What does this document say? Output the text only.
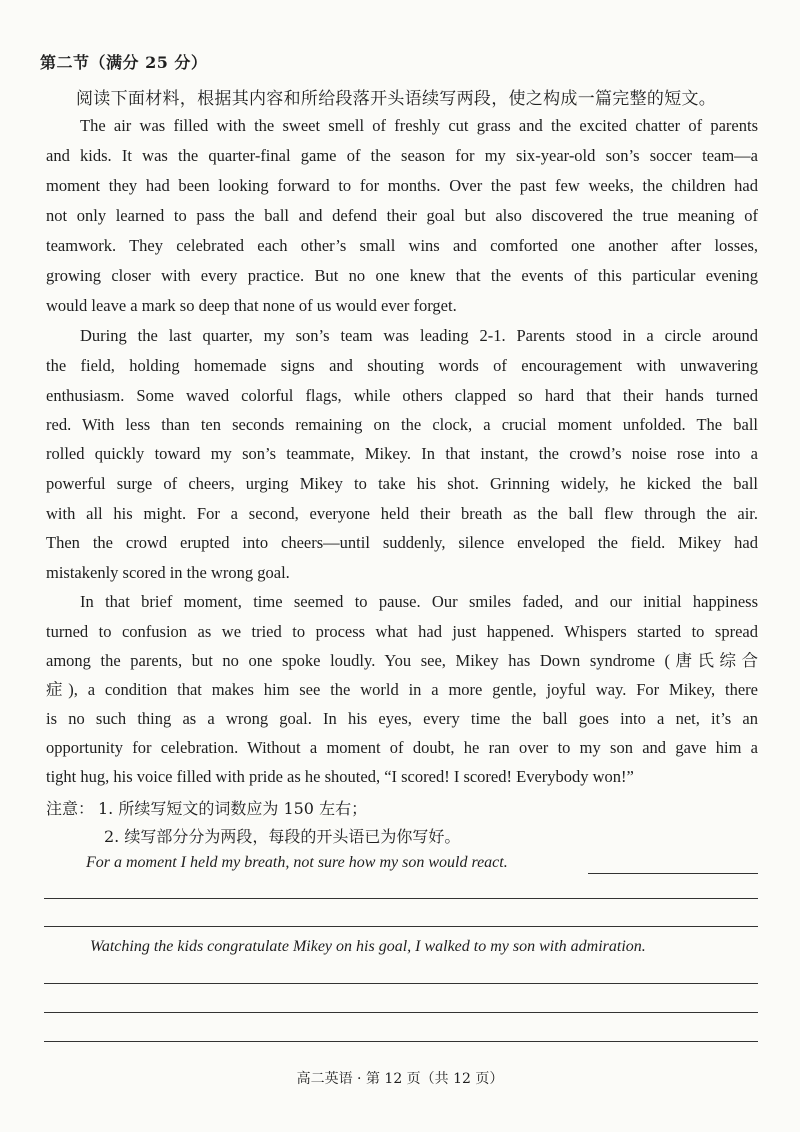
第二节（满分 25 分）
阅读下面材料，根据其内容和所给段落开头语续写两段，使之构成一篇完整的短文。
The air was filled with the sweet smell of freshly cut grass and the excited chatter of parents
and kids. It was the quarter-final game of the season for my six-year-old son’s soccer team—a
moment they had been looking forward to for months. Over the past few weeks, the children had
not only learned to pass the ball and defend their goal but also discovered the true meaning of
teamwork. They celebrated each other’s small wins and comforted one another after losses,
growing closer with every practice. But no one knew that the events of this particular evening
would leave a mark so deep that none of us would ever forget.
During the last quarter, my son’s team was leading 2-1. Parents stood in a circle around
the field, holding homemade signs and shouting words of encouragement with unwavering
enthusiasm. Some waved colorful flags, while others clapped so hard that their hands turned
red. With less than ten seconds remaining on the clock, a crucial moment unfolded. The ball
rolled quickly toward my son’s teammate, Mikey. In that instant, the crowd’s noise rose into a
powerful surge of cheers, urging Mikey to take his shot. Grinning widely, he kicked the ball
with all his might. For a second, everyone held their breath as the ball flew through the air.
Then the crowd erupted into cheers—until suddenly, silence enveloped the field. Mikey had
mistakenly scored in the wrong goal.
In that brief moment, time seemed to pause. Our smiles faded, and our initial happiness
turned to confusion as we tried to process what had just happened. Whispers started to spread
among the parents, but no one spoke loudly. You see, Mikey has Down syndrome (唐氏综合
症), a condition that makes him see the world in a more gentle, joyful way. For Mikey, there
is no such thing as a wrong goal. In his eyes, every time the ball goes into a net, it’s an
opportunity for celebration. Without a moment of doubt, he ran over to my son and gave him a
tight hug, his voice filled with pride as he shouted, “I scored! I scored! Everybody won!”
注意： 1. 所续写短文的词数应为 150 左右；
2. 续写部分分为两段，每段的开头语已为你写好。
For a moment I held my breath, not sure how my son would react.
Watching the kids congratulate Mikey on his goal, I walked to my son with admiration.
高二英语 · 第 12 页（共 12 页）
